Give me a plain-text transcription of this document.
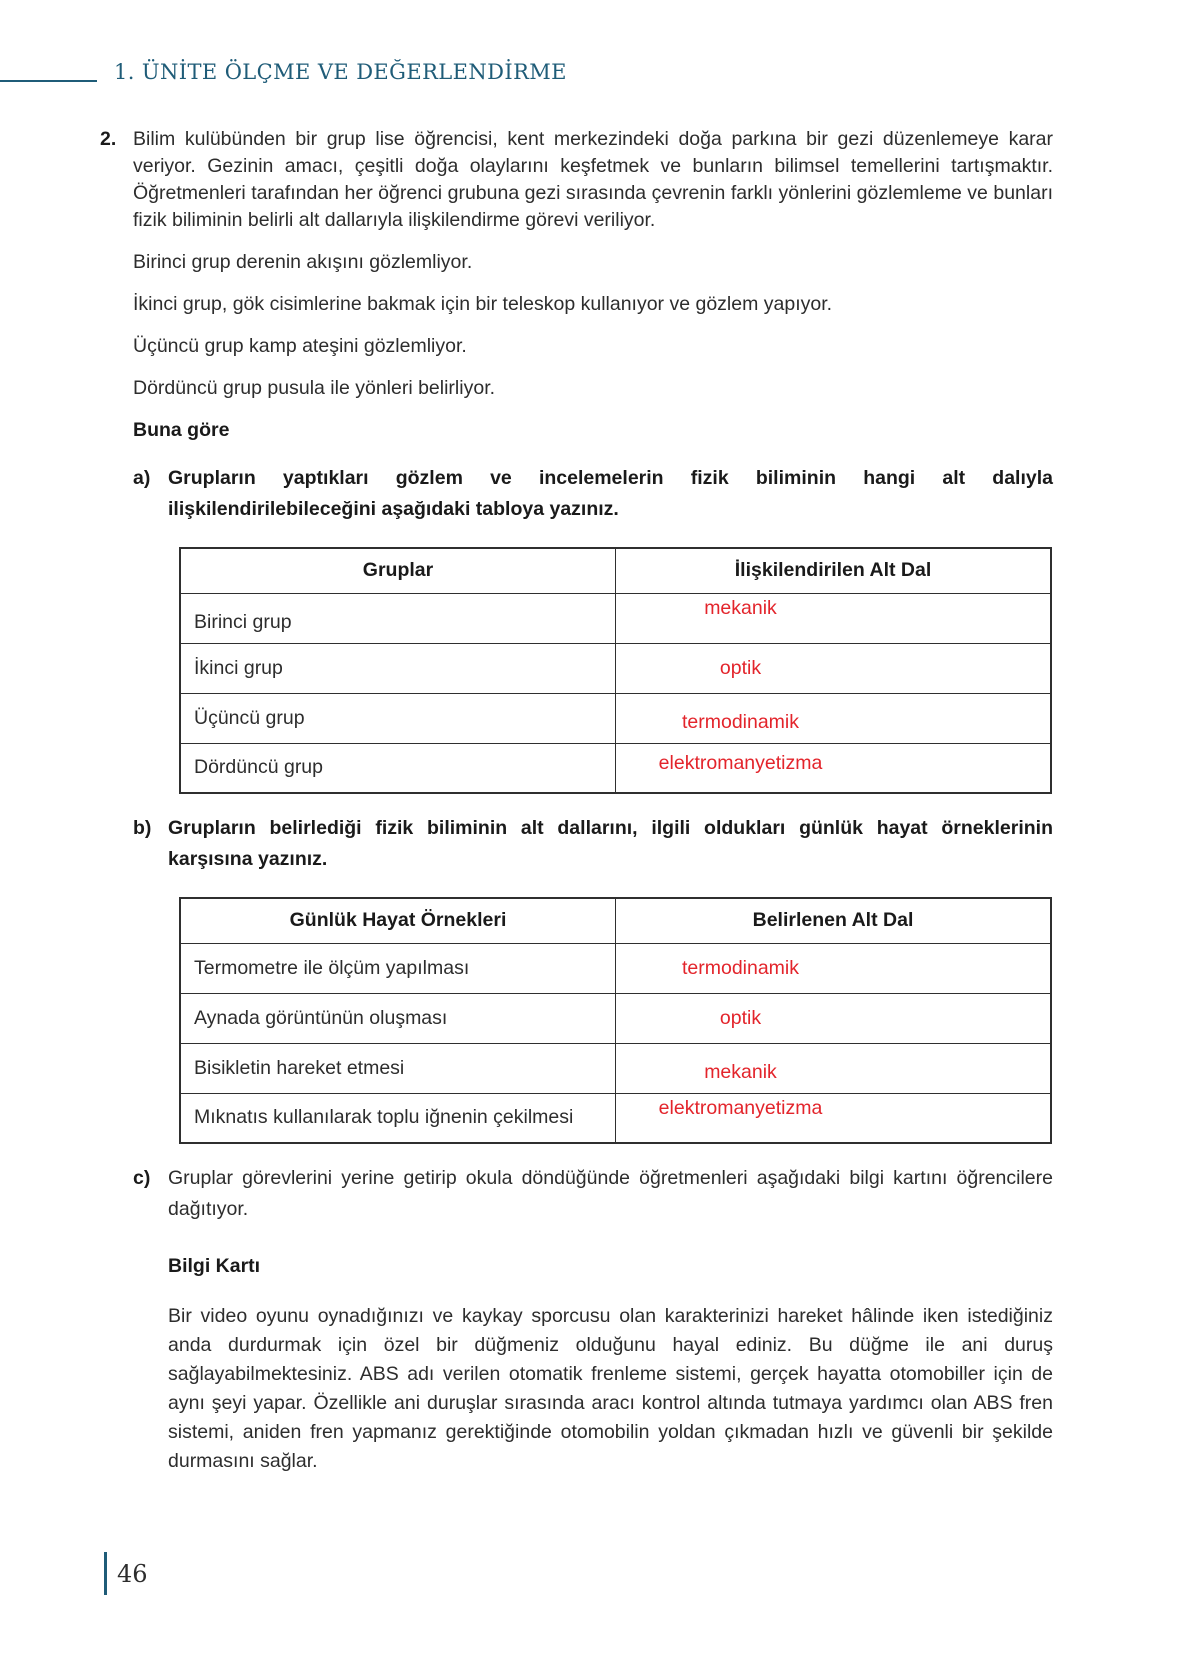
1. ÜNİTE ÖLÇME VE DEĞERLENDİRME
2. Bilim kulübünden bir grup lise öğrencisi, kent merkezindeki doğa parkına bir gezi düzenlemeye karar veriyor. Gezinin amacı, çeşitli doğa olaylarını keşfetmek ve bunların bilimsel temellerini tartışmaktır. Öğretmenleri tarafından her öğrenci grubuna gezi sırasında çevrenin farklı yönlerini gözlemleme ve bunları fizik biliminin belirli alt dallarıyla ilişkilendirme görevi veriliyor.

Birinci grup derenin akışını gözlemliyor.

İkinci grup, gök cisimlerine bakmak için bir teleskop kullanıyor ve gözlem yapıyor.

Üçüncü grup kamp ateşini gözlemliyor.

Dördüncü grup pusula ile yönleri belirliyor.

Buna göre

a) Grupların yaptıkları gözlem ve incelemelerin fizik biliminin hangi alt dalıyla ilişkilendirilebileceğini aşağıdaki tabloya yazınız.

Gruplar	İlişkilendirilen Alt Dal
Birinci grup	mekanik
İkinci grup	optik
Üçüncü grup	termodinamik
Dördüncü grup	elektromanyetizma
b) Grupların belirlediği fizik biliminin alt dallarını, ilgili oldukları günlük hayat örneklerinin karşısına yazınız.

Günlük Hayat Örnekleri	Belirlenen Alt Dal
Termometre ile ölçüm yapılması	termodinamik
Aynada görüntünün oluşması	optik
Bisikletin hareket etmesi	mekanik
Mıknatıs kullanılarak toplu iğnenin çekilmesi	elektromanyetizma
c) Gruplar görevlerini yerine getirip okula döndüğünde öğretmenleri aşağıdaki bilgi kartını öğrencilere dağıtıyor.

Bilgi Kartı

Bir video oyunu oynadığınızı ve kaykay sporcusu olan karakterinizi hareket hâlinde iken istediğiniz anda durdurmak için özel bir düğmeniz olduğunu hayal ediniz. Bu düğme ile ani duruş sağlayabilmektesiniz. ABS adı verilen otomatik frenleme sistemi, gerçek hayatta otomobiller için de aynı şeyi yapar. Özellikle ani duruşlar sırasında aracı kontrol altında tutmaya yardımcı olan ABS fren sistemi, aniden fren yapmanız gerektiğinde otomobilin yoldan çıkmadan hızlı ve güvenli bir şekilde durmasını sağlar.

46
